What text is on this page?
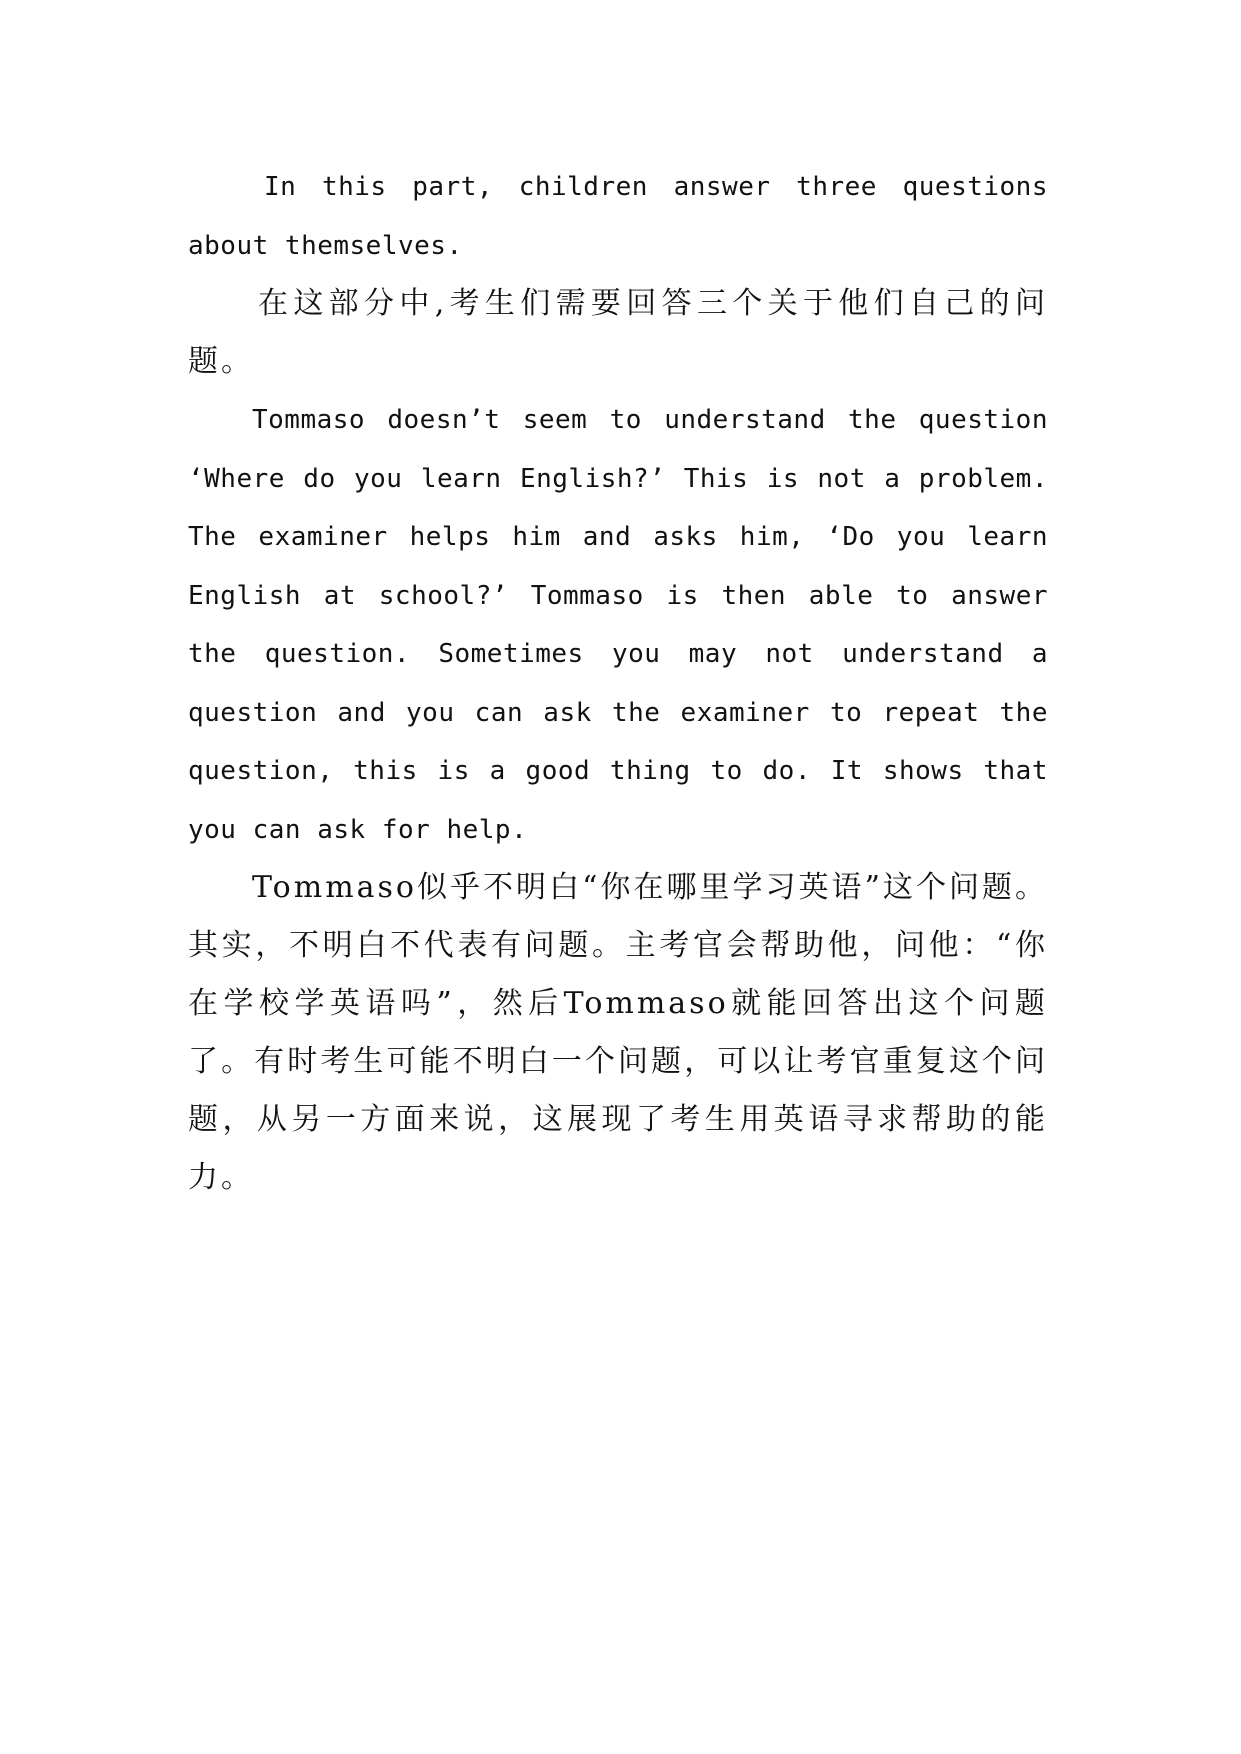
In this part, children answer three questions about themselves.

在这部分中,考生们需要回答三个关于他们自己的问题。

Tommaso doesn’t seem to understand the question ‘Where do you learn English?’ This is not a problem. The examiner helps him and asks him, ‘Do you learn English at school?’ Tommaso is then able to answer the question. Sometimes you may not understand a question and you can ask the examiner to repeat the question, this is a good thing to do. It shows that you can ask for help.

Tommaso似乎不明白“你在哪里学习英语”这个问题。其实，不明白不代表有问题。主考官会帮助他，问他：“你在学校学英语吗”，然后Tommaso就能回答出这个问题了。有时考生可能不明白一个问题，可以让考官重复这个问题，从另一方面来说，这展现了考生用英语寻求帮助的能力。
